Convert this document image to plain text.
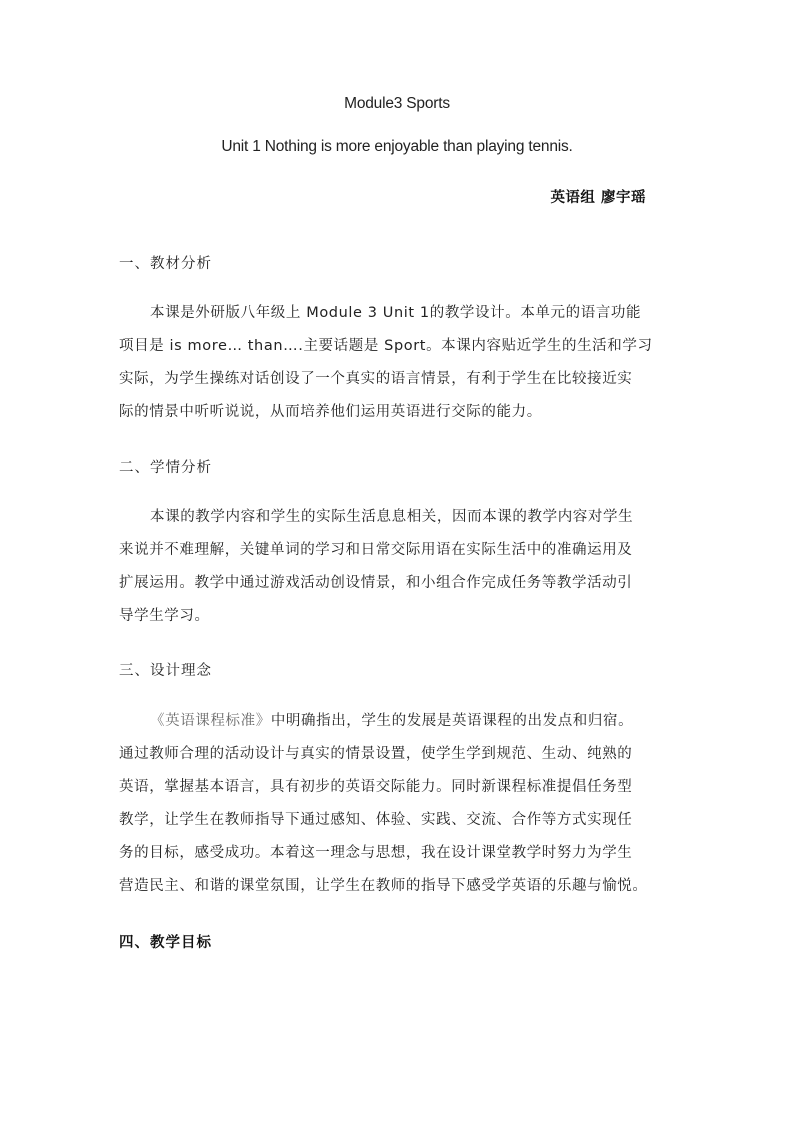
Module3 Sports
Unit 1 Nothing is more enjoyable than playing tennis.
英语组 廖宇瑶
一、教材分析

本课是外研版八年级上 Module 3 Unit 1的教学设计。本单元的语言功能
项目是 is more… than….主要话题是 Sport。本课内容贴近学生的生活和学习
实际，为学生操练对话创设了一个真实的语言情景，有利于学生在比较接近实
际的情景中听听说说，从而培养他们运用英语进行交际的能力。

二、学情分析

本课的教学内容和学生的实际生活息息相关，因而本课的教学内容对学生
来说并不难理解，关键单词的学习和日常交际用语在实际生活中的准确运用及
扩展运用。教学中通过游戏活动创设情景，和小组合作完成任务等教学活动引
导学生学习。

三、设计理念

《英语课程标准》中明确指出，学生的发展是英语课程的出发点和归宿。
通过教师合理的活动设计与真实的情景设置，使学生学到规范、生动、纯熟的
英语，掌握基本语言，具有初步的英语交际能力。同时新课程标准提倡任务型
教学，让学生在教师指导下通过感知、体验、实践、交流、合作等方式实现任
务的目标，感受成功。本着这一理念与思想，我在设计课堂教学时努力为学生
营造民主、和谐的课堂氛围，让学生在教师的指导下感受学英语的乐趣与愉悦。

四、教学目标
